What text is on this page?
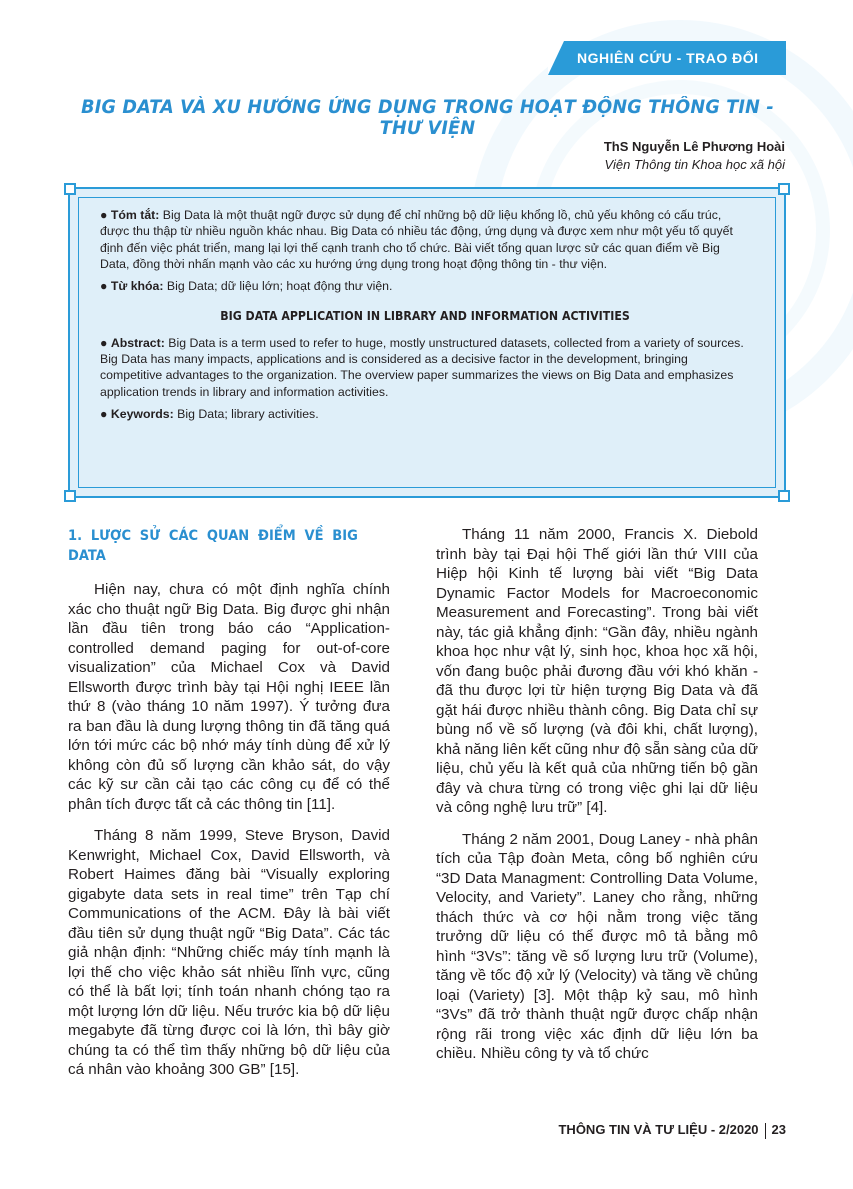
NGHIÊN CỨU - TRAO ĐỔI
BIG DATA VÀ XU HƯỚNG ỨNG DỤNG TRONG HOẠT ĐỘNG THÔNG TIN - THƯ VIỆN
ThS Nguyễn Lê Phương Hoài
Viện Thông tin Khoa học xã hội

● Tóm tắt: Big Data là một thuật ngữ được sử dụng để chỉ những bộ dữ liệu khổng lồ, chủ yếu không có cấu trúc, được thu thập từ nhiều nguồn khác nhau. Big Data có nhiều tác động, ứng dụng và được xem như một yếu tố quyết định đến việc phát triển, mang lại lợi thế cạnh tranh cho tổ chức. Bài viết tổng quan lược sử các quan điểm về Big Data, đồng thời nhấn mạnh vào các xu hướng ứng dụng trong hoạt động thông tin - thư viện.

● Từ khóa: Big Data; dữ liệu lớn; hoạt động thư viện.

BIG DATA APPLICATION IN LIBRARY AND INFORMATION ACTIVITIES

● Abstract: Big Data is a term used to refer to huge, mostly unstructured datasets, collected from a variety of sources. Big Data has many impacts, applications and is considered as a decisive factor in the development, bringing competitive advantages to the organization. The overview paper summarizes the views on Big Data and emphasizes application trends in library and information activities.

● Keywords: Big Data; library activities.

1. LƯỢC SỬ CÁC QUAN ĐIỂM VỀ BIG DATA

Hiện nay, chưa có một định nghĩa chính xác cho thuật ngữ Big Data. Big được ghi nhận lần đầu tiên trong báo cáo “Application-controlled demand paging for out-of-core visualization” của Michael Cox và David Ellsworth được trình bày tại Hội nghị IEEE lần thứ 8 (vào tháng 10 năm 1997). Ý tưởng đưa ra ban đầu là dung lượng thông tin đã tăng quá lớn tới mức các bộ nhớ máy tính dùng để xử lý không còn đủ số lượng cần khảo sát, do vậy các kỹ sư cần cải tạo các công cụ để có thể phân tích được tất cả các thông tin [11].

Tháng 8 năm 1999, Steve Bryson, David Kenwright, Michael Cox, David Ellsworth, và Robert Haimes đăng bài “Visually exploring gigabyte data sets in real time” trên Tạp chí Communications of the ACM. Đây là bài viết đầu tiên sử dụng thuật ngữ “Big Data”. Các tác giả nhận định: “Những chiếc máy tính mạnh là lợi thế cho việc khảo sát nhiều lĩnh vực, cũng có thể là bất lợi; tính toán nhanh chóng tạo ra một lượng lớn dữ liệu. Nếu trước kia bộ dữ liệu megabyte đã từng được coi là lớn, thì bây giờ chúng ta có thể tìm thấy những bộ dữ liệu của cá nhân vào khoảng 300 GB” [15].

Tháng 11 năm 2000, Francis X. Diebold trình bày tại Đại hội Thế giới lần thứ VIII của Hiệp hội Kinh tế lượng bài viết “Big Data Dynamic Factor Models for Macroeconomic Measurement and Forecasting”. Trong bài viết này, tác giả khẳng định: “Gần đây, nhiều ngành khoa học như vật lý, sinh học, khoa học xã hội, vốn đang buộc phải đương đầu với khó khăn - đã thu được lợi từ hiện tượng Big Data và đã gặt hái được nhiều thành công. Big Data chỉ sự bùng nổ về số lượng (và đôi khi, chất lượng), khả năng liên kết cũng như độ sẵn sàng của dữ liệu, chủ yếu là kết quả của những tiến bộ gần đây và chưa từng có trong việc ghi lại dữ liệu và công nghệ lưu trữ” [4].

Tháng 2 năm 2001, Doug Laney - nhà phân tích của Tập đoàn Meta, công bố nghiên cứu “3D Data Managment: Controlling Data Volume, Velocity, and Variety”. Laney cho rằng, những thách thức và cơ hội nằm trong việc tăng trưởng dữ liệu có thể được mô tả bằng mô hình “3Vs”: tăng về số lượng lưu trữ (Volume), tăng về tốc độ xử lý (Velocity) và tăng về chủng loại (Variety) [3]. Một thập kỷ sau, mô hình “3Vs” đã trở thành thuật ngữ được chấp nhận rộng rãi trong việc xác định dữ liệu lớn ba chiều. Nhiều công ty và tổ chức

THÔNG TIN VÀ TƯ LIỆU - 2/2020 23
